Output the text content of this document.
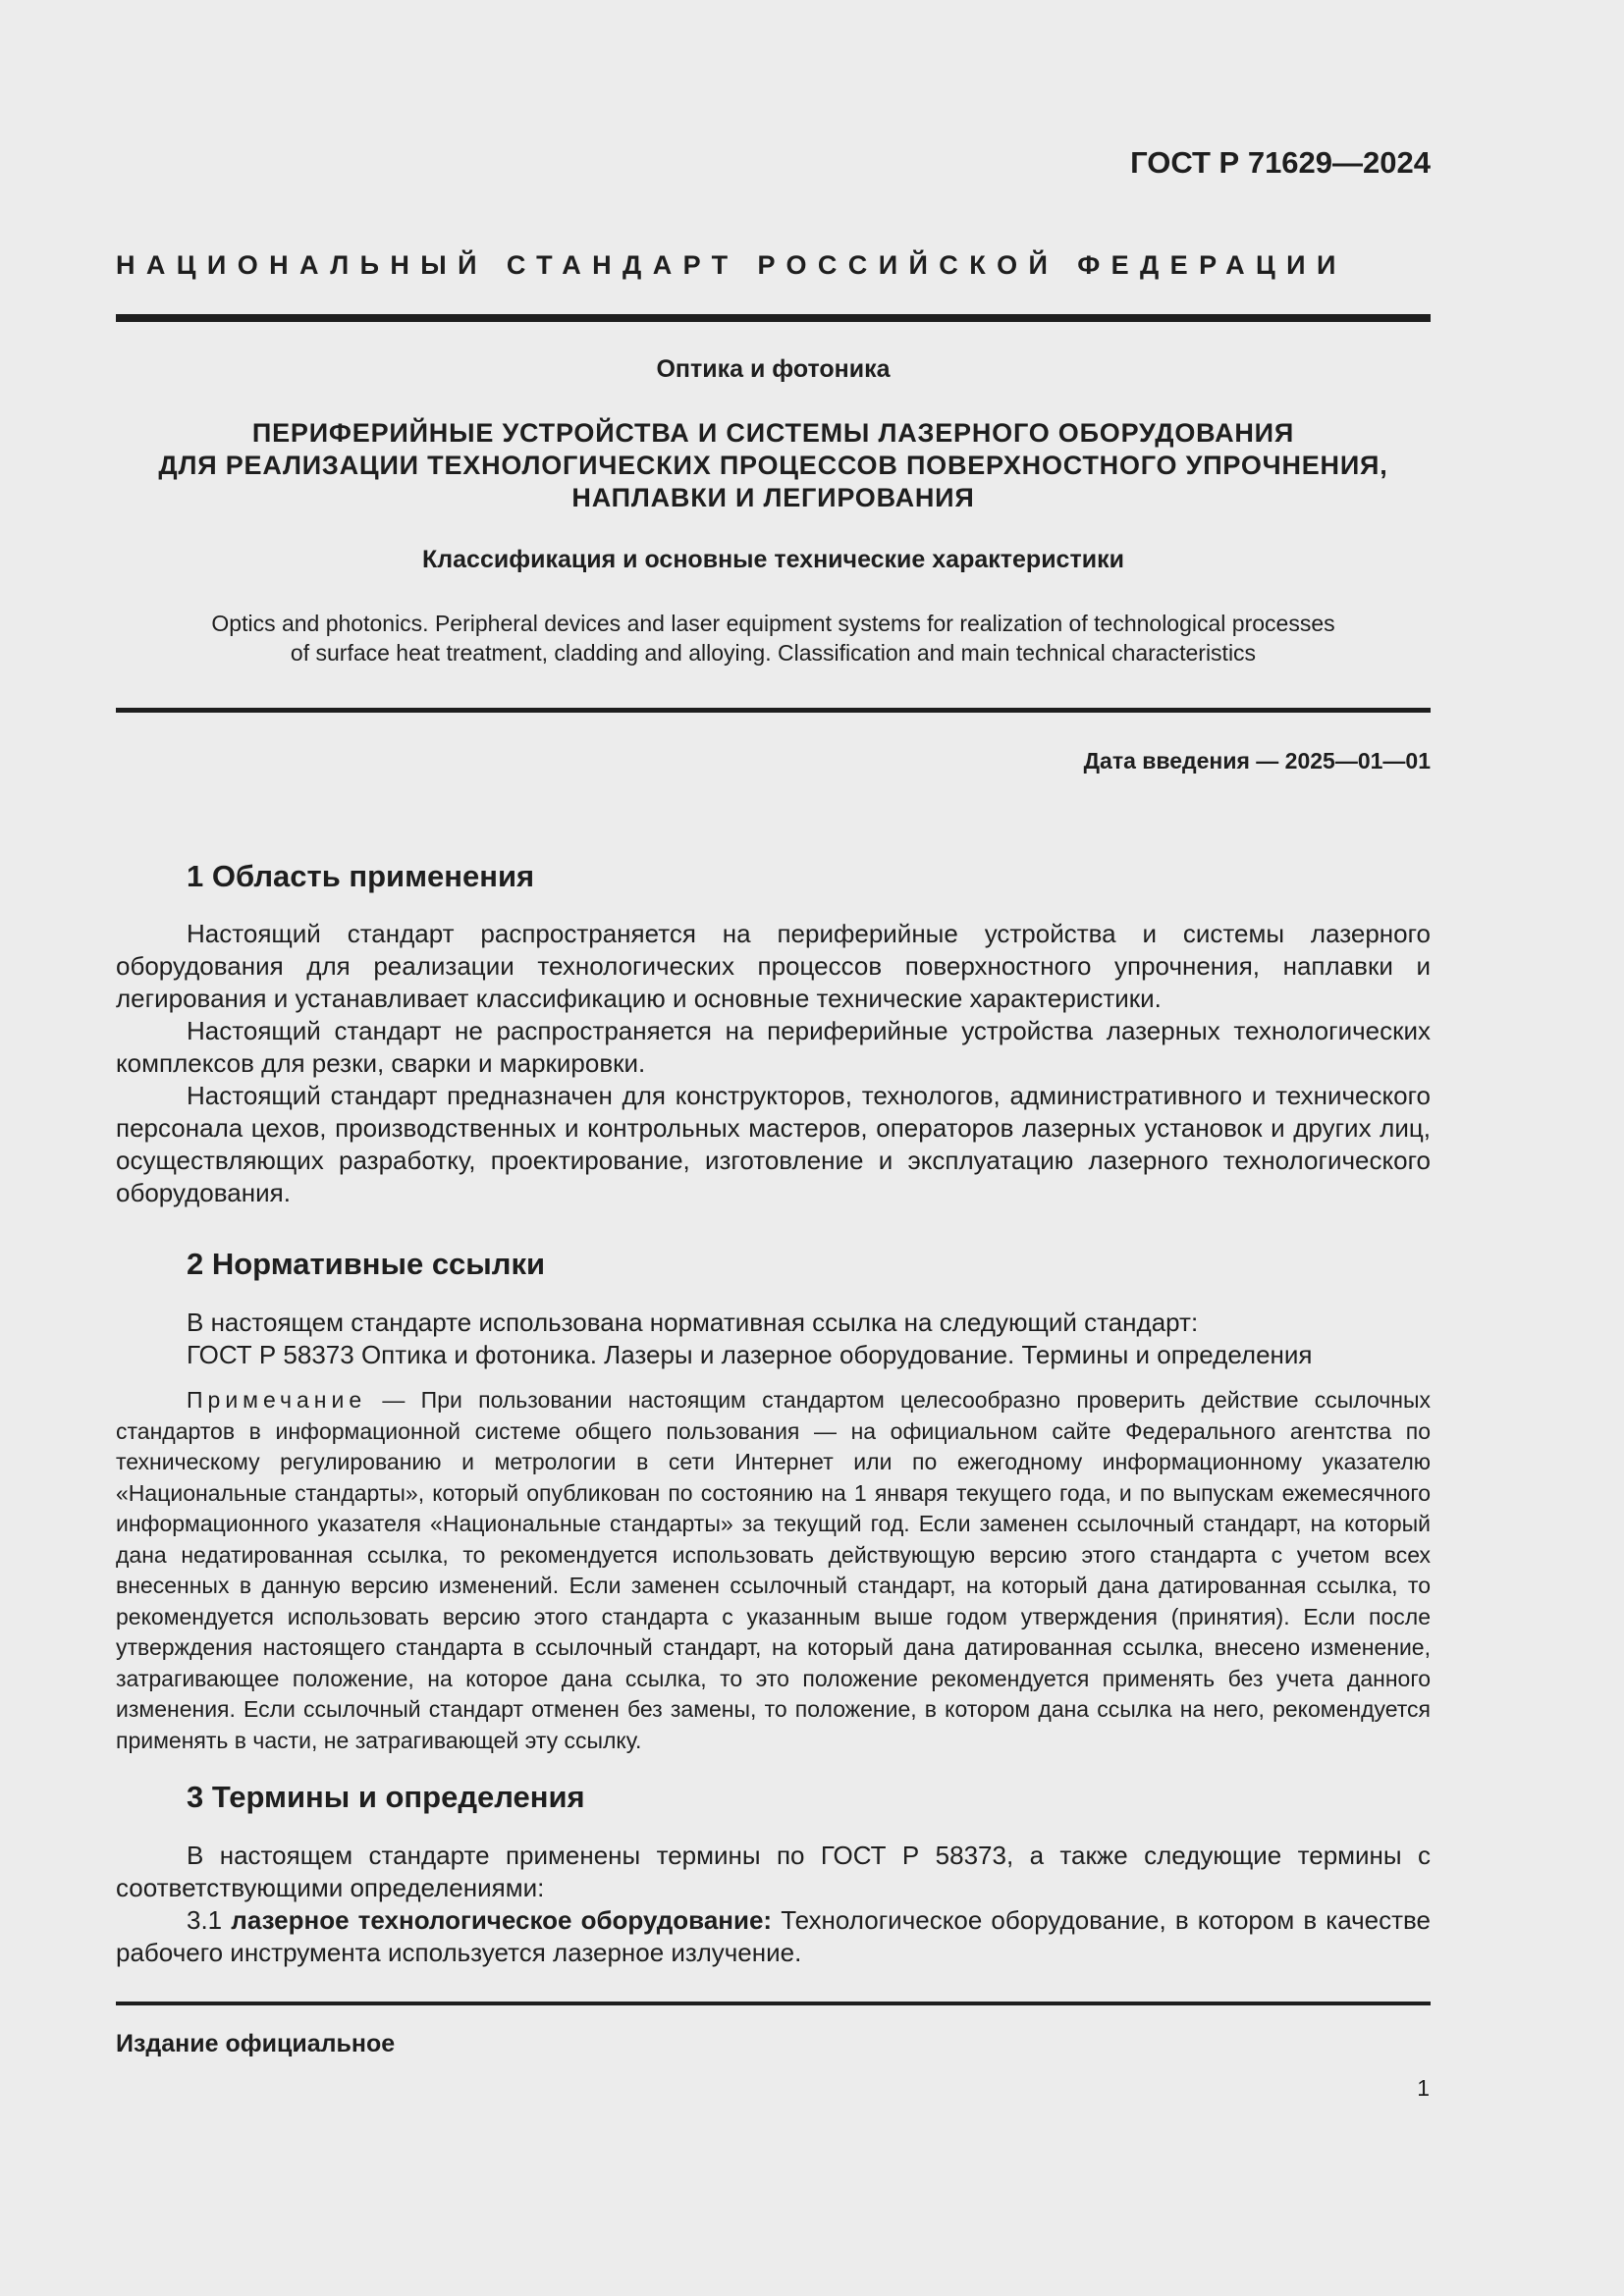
ГОСТ Р 71629—2024
НАЦИОНАЛЬНЫЙ СТАНДАРТ РОССИЙСКОЙ ФЕДЕРАЦИИ
Оптика и фотоника
ПЕРИФЕРИЙНЫЕ УСТРОЙСТВА И СИСТЕМЫ ЛАЗЕРНОГО ОБОРУДОВАНИЯ
ДЛЯ РЕАЛИЗАЦИИ ТЕХНОЛОГИЧЕСКИХ ПРОЦЕССОВ ПОВЕРХНОСТНОГО УПРОЧНЕНИЯ,
НАПЛАВКИ И ЛЕГИРОВАНИЯ
Классификация и основные технические характеристики
Optics and photonics. Peripheral devices and laser equipment systems for realization of technological processes
of surface heat treatment, cladding and alloying. Classification and main technical characteristics
Дата введения — 2025—01—01
1 Область применения

Настоящий стандарт распространяется на периферийные устройства и системы лазерного оборудования для реализации технологических процессов поверхностного упрочнения, наплавки и легирования и устанавливает классификацию и основные технические характеристики.

Настоящий стандарт не распространяется на периферийные устройства лазерных технологических комплексов для резки, сварки и маркировки.

Настоящий стандарт предназначен для конструкторов, технологов, административного и технического персонала цехов, производственных и контрольных мастеров, операторов лазерных установок и других лиц, осуществляющих разработку, проектирование, изготовление и эксплуатацию лазерного технологического оборудования.

2 Нормативные ссылки

В настоящем стандарте использована нормативная ссылка на следующий стандарт:

ГОСТ Р 58373 Оптика и фотоника. Лазеры и лазерное оборудование. Термины и определения

Примечание — При пользовании настоящим стандартом целесообразно проверить действие ссылочных стандартов в информационной системе общего пользования — на официальном сайте Федерального агентства по техническому регулированию и метрологии в сети Интернет или по ежегодному информационному указателю «Национальные стандарты», который опубликован по состоянию на 1 января текущего года, и по выпускам ежемесячного информационного указателя «Национальные стандарты» за текущий год. Если заменен ссылочный стандарт, на который дана недатированная ссылка, то рекомендуется использовать действующую версию этого стандарта с учетом всех внесенных в данную версию изменений. Если заменен ссылочный стандарт, на который дана датированная ссылка, то рекомендуется использовать версию этого стандарта с указанным выше годом утверждения (принятия). Если после утверждения настоящего стандарта в ссылочный стандарт, на который дана датированная ссылка, внесено изменение, затрагивающее положение, на которое дана ссылка, то это положение рекомендуется применять без учета данного изменения. Если ссылочный стандарт отменен без замены, то положение, в котором дана ссылка на него, рекомендуется применять в части, не затрагивающей эту ссылку.
3 Термины и определения

В настоящем стандарте применены термины по ГОСТ Р 58373, а также следующие термины с соответствующими определениями:

3.1 лазерное технологическое оборудование: Технологическое оборудование, в котором в качестве рабочего инструмента используется лазерное излучение.

Издание официальное
1
